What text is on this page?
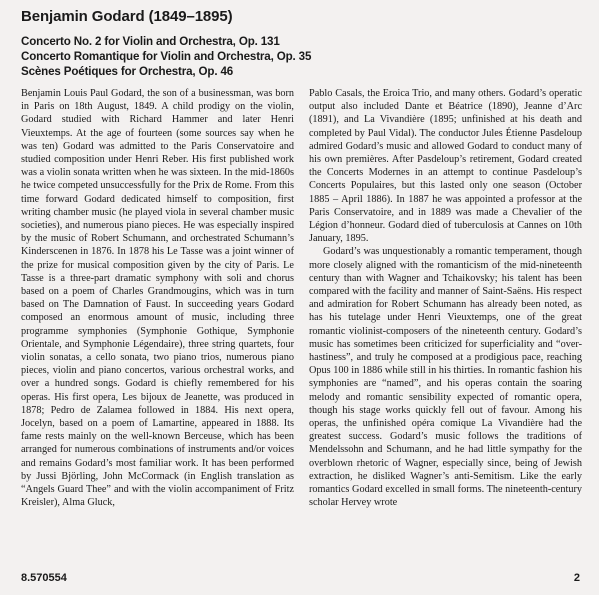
Benjamin Godard (1849–1895)
Concerto No. 2 for Violin and Orchestra, Op. 131
Concerto Romantique for Violin and Orchestra, Op. 35
Scènes Poétiques for Orchestra, Op. 46

Benjamin Louis Paul Godard, the son of a businessman, was born in Paris on 18th August, 1849. A child prodigy on the violin, Godard studied with Richard Hammer and later Henri Vieuxtemps. At the age of fourteen (some sources say when he was ten) Godard was admitted to the Paris Conservatoire and studied composition under Henri Reber. His first published work was a violin sonata written when he was sixteen. In the mid-1860s he twice competed unsuccessfully for the Prix de Rome. From this time forward Godard dedicated himself to composition, first writing chamber music (he played viola in several chamber music societies), and numerous piano pieces. He was especially inspired by the music of Robert Schumann, and orchestrated Schumann’s Kinderscenen in 1876. In 1878 his Le Tasse was a joint winner of the prize for musical composition given by the city of Paris. Le Tasse is a three-part dramatic symphony with soli and chorus based on a poem of Charles Grandmougins, which was in turn based on The Damnation of Faust. In succeeding years Godard composed an enormous amount of music, including three programme symphonies (Symphonie Gothique, Symphonie Orientale, and Symphonie Légendaire), three string quartets, four violin sonatas, a cello sonata, two piano trios, numerous piano pieces, violin and piano concertos, various orchestral works, and over a hundred songs. Godard is chiefly remembered for his operas. His first opera, Les bijoux de Jeanette, was produced in 1878; Pedro de Zalamea followed in 1884. His next opera, Jocelyn, based on a poem of Lamartine, appeared in 1888. Its fame rests mainly on the well-known Berceuse, which has been arranged for numerous combinations of instruments and/or voices and remains Godard’s most familiar work. It has been performed by Jussi Björling, John McCormack (in English translation as “Angels Guard Thee” and with the violin accompaniment of Fritz Kreisler), Alma Gluck,

Pablo Casals, the Eroica Trio, and many others. Godard’s operatic output also included Dante et Béatrice (1890), Jeanne d’Arc (1891), and La Vivandière (1895; unfinished at his death and completed by Paul Vidal). The conductor Jules Étienne Pasdeloup admired Godard’s music and allowed Godard to conduct many of his own premières. After Pasdeloup’s retirement, Godard created the Concerts Modernes in an attempt to continue Pasdeloup’s Concerts Populaires, but this lasted only one season (October 1885 – April 1886). In 1887 he was appointed a professor at the Paris Conservatoire, and in 1889 was made a Chevalier of the Légion d’honneur. Godard died of tuberculosis at Cannes on 10th January, 1895.

Godard’s was unquestionably a romantic temperament, though more closely aligned with the romanticism of the mid-nineteenth century than with Wagner and Tchaikovsky; his talent has been compared with the facility and manner of Saint-Saëns. His respect and admiration for Robert Schumann has already been noted, as has his tutelage under Henri Vieuxtemps, one of the great romantic violinist-composers of the nineteenth century. Godard’s music has sometimes been criticized for superficiality and “over-hastiness”, and truly he composed at a prodigious pace, reaching Opus 100 in 1886 while still in his thirties. In romantic fashion his symphonies are “named”, and his operas contain the soaring melody and romantic sensibility expected of romantic opera, though his stage works quickly fell out of favour. Among his operas, the unfinished opéra comique La Vivandière had the greatest success. Godard’s music follows the traditions of Mendelssohn and Schumann, and he had little sympathy for the overblown rhetoric of Wagner, especially since, being of Jewish extraction, he disliked Wagner’s anti-Semitism. Like the early romantics Godard excelled in small forms. The nineteenth-century scholar Hervey wrote

8.570554	2
